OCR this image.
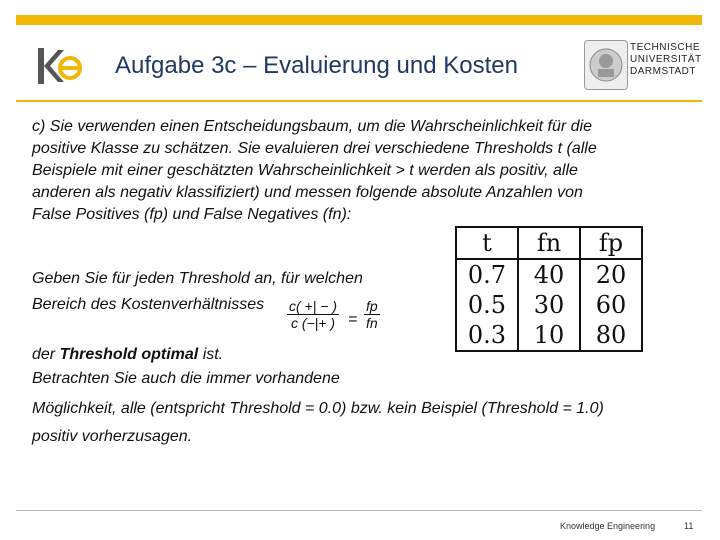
Aufgabe 3c – Evaluierung und Kosten
TECHNISCHE
UNIVERSITÄT
DARMSTADT
c) Sie verwenden einen Entscheidungsbaum, um die Wahrscheinlichkeit für die
positive Klasse zu schätzen. Sie evaluieren drei verschiedene Thresholds t (alle
Beispiele mit einer geschätzten Wahrscheinlichkeit > t werden als positiv, alle
anderen als negativ klassifiziert) und messen folgende absolute Anzahlen von
False Positives (fp) und False Negatives (fn):
Geben Sie für jeden Threshold an, für welchen
Bereich des Kostenverhältnisses $\frac{c( +| - )}{c (-|+ )} = \frac{fp}{fn}$
der Threshold optimal ist.
Betrachten Sie auch die immer vorhandene
Möglichkeit, alle (entspricht Threshold = 0.0) bzw. kein Beispiel (Threshold = 1.0)
positiv vorherzusagen.
t	fn	fp
0.7	40	20
0.5	30	60
0.3	10	80
Knowledge Engineering	11
